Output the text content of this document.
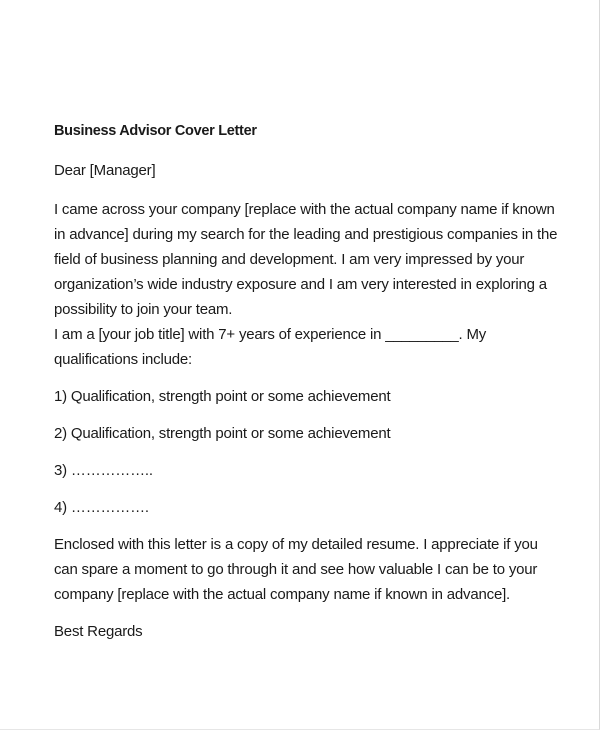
Business Advisor Cover Letter

Dear [Manager]

I came across your company [replace with the actual company name if known in advance] during my search for the leading and prestigious companies in the field of business planning and development. I am very impressed by your organization’s wide industry exposure and I am very interested in exploring a possibility to join your team.

I am a [your job title] with 7+ years of experience in _________. My qualifications include:

1) Qualification, strength point or some achievement

2) Qualification, strength point or some achievement

3) ……………..

4) …………….

Enclosed with this letter is a copy of my detailed resume. I appreciate if you can spare a moment to go through it and see how valuable I can be to your company [replace with the actual company name if known in advance].

Best Regards
